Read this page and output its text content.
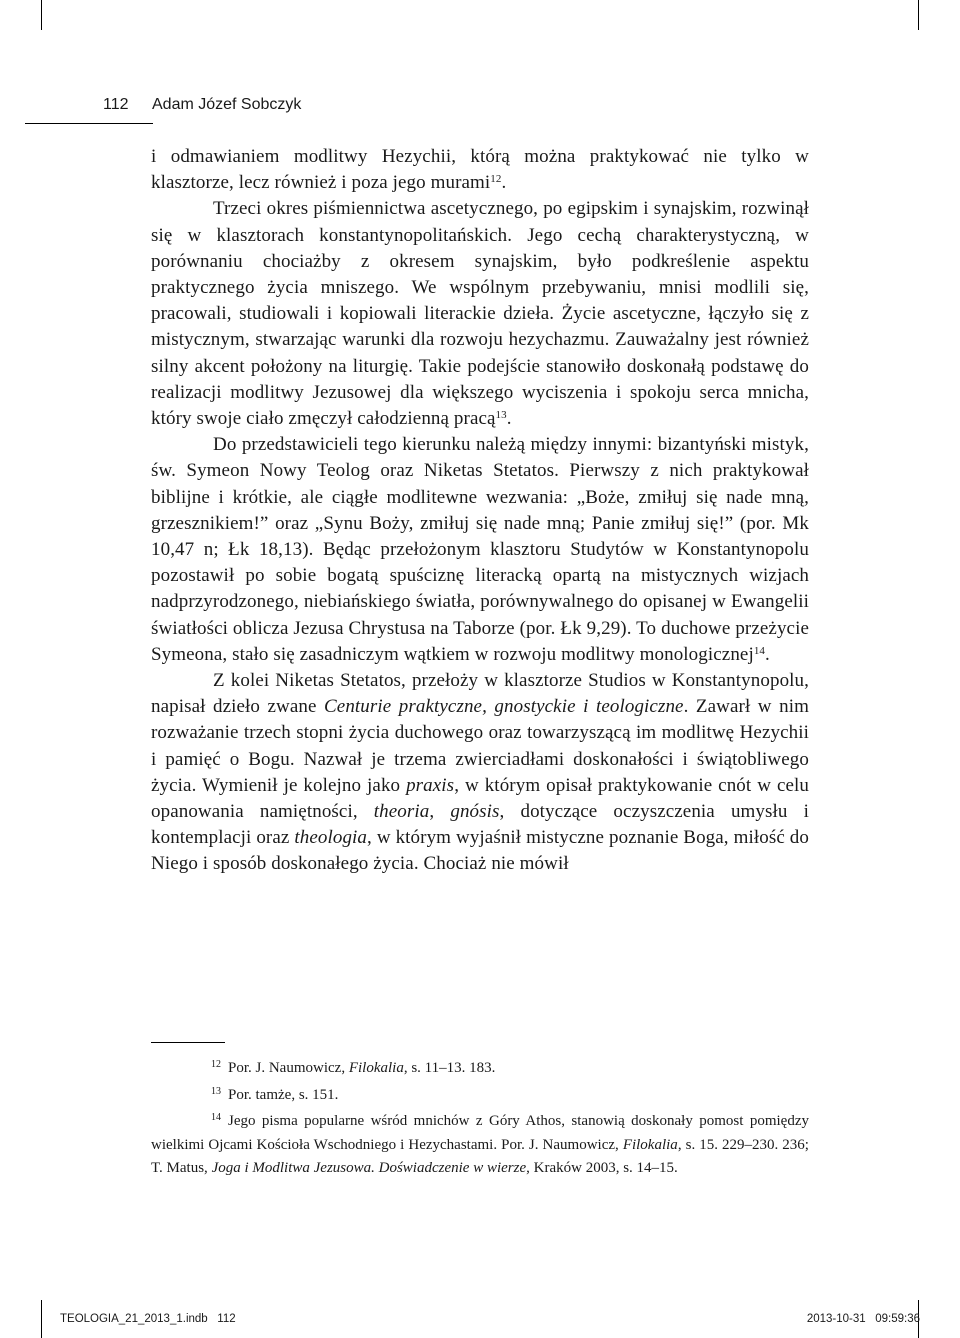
112 Adam Józef Sobczyk

i odmawianiem modlitwy Hezychii, którą można praktykować nie tylko w klasztorze, lecz również i poza jego murami$^{12}$.

Trzeci okres piśmiennictwa ascetycznego, po egipskim i synajskim, rozwinął się w klasztorach konstantynopolitańskich. Jego cechą charakterystyczną, w porównaniu chociażby z okresem synajskim, było podkreślenie aspektu praktycznego życia mniszego. We wspólnym przebywaniu, mnisi modlili się, pracowali, studiowali i kopiowali literackie dzieła. Życie ascetyczne, łączyło się z mistycznym, stwarzając warunki dla rozwoju hezychazmu. Zauważalny jest również silny akcent położony na liturgię. Takie podejście stanowiło doskonałą podstawę do realizacji modlitwy Jezusowej dla większego wyciszenia i spokoju serca mnicha, który swoje ciało zmęczył całodzienną pracą$^{13}$.

Do przedstawicieli tego kierunku należą między innymi: bizantyński mistyk, św. Symeon Nowy Teolog oraz Niketas Stetatos. Pierwszy z nich praktykował biblijne i krótkie, ale ciągłe modlitewne wezwania: „Boże, zmiłuj się nade mną, grzesznikiem!” oraz „Synu Boży, zmiłuj się nade mną; Panie zmiłuj się!” (por. Mk 10,47 n; Łk 18,13). Będąc przełożonym klasztoru Studytów w Konstantynopolu pozostawił po sobie bogatą spuściznę literacką opartą na mistycznych wizjach nadprzyrodzonego, niebiańskiego światła, porównywalnego do opisanej w Ewangelii światłości oblicza Jezusa Chrystusa na Taborze (por. Łk 9,29). To duchowe przeżycie Symeona, stało się zasadniczym wątkiem w rozwoju modlitwy monologicznej$^{14}$.

Z kolei Niketas Stetatos, przełoży w klasztorze Studios w Konstantynopolu, napisał dzieło zwane Centurie praktyczne, gnostyckie i teologiczne. Zawarł w nim rozważanie trzech stopni życia duchowego oraz towarzyszącą im modlitwę Hezychii i pamięć o Bogu. Nazwał je trzema zwierciadłami doskonałości i świątobliwego życia. Wymienił je kolejno jako praxis, w którym opisał praktykowanie cnót w celu opanowania namiętności, theoria, gnósis, dotyczące oczyszczenia umysłu i kontemplacji oraz theologia, w którym wyjaśnił mistyczne poznanie Boga, miłość do Niego i sposób doskonałego życia. Chociaż nie mówił

$^{12}$ Por. J. Naumowicz, Filokalia, s. 11–13. 183.

$^{13}$ Por. tamże, s. 151.

$^{14}$ Jego pisma popularne wśród mnichów z Góry Athos, stanowią doskonały pomost pomiędzy wielkimi Ojcami Kościoła Wschodniego i Hezychastami. Por. J. Naumowicz, Filokalia, s. 15. 229–230. 236; T. Matus, Joga i Modlitwa Jezusowa. Doświadczenie w wierze, Kraków 2003, s. 14–15.

TEOLOGIA_21_2013_1.indb   112	2013-10-31   09:59:36
